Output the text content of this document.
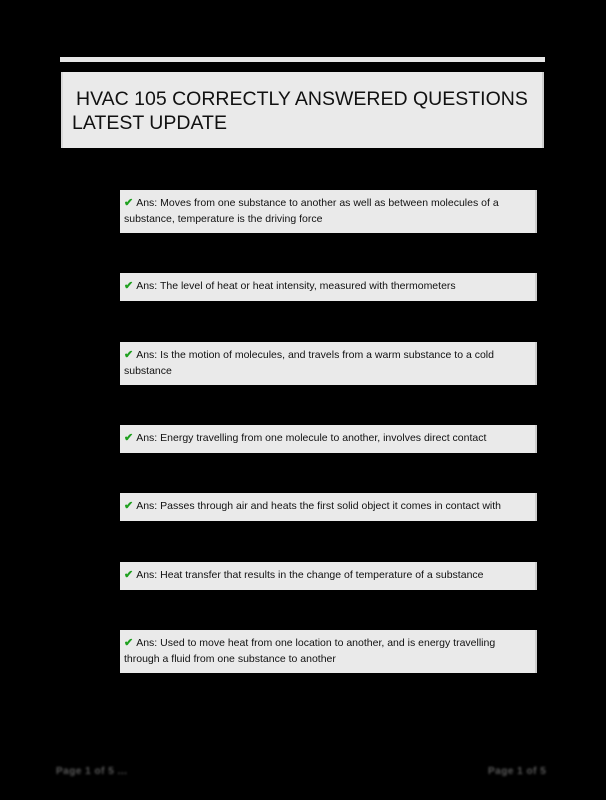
HVAC 105 CORRECTLY ANSWERED QUESTIONS
LATEST UPDATE
✔ Ans: Moves from one substance to another as well as between molecules of a substance, temperature is the driving force
✔ Ans: The level of heat or heat intensity, measured with thermometers
✔ Ans: Is the motion of molecules, and travels from a warm substance to a cold substance
✔ Ans: Energy travelling from one molecule to another, involves direct contact
✔ Ans: Passes through air and heats the first solid object it comes in contact with
✔ Ans: Heat transfer that results in the change of temperature of a substance
✔ Ans: Used to move heat from one location to another, and is energy travelling through a fluid from one substance to another
Page 1 of 5 ...	Page 1 of 5
